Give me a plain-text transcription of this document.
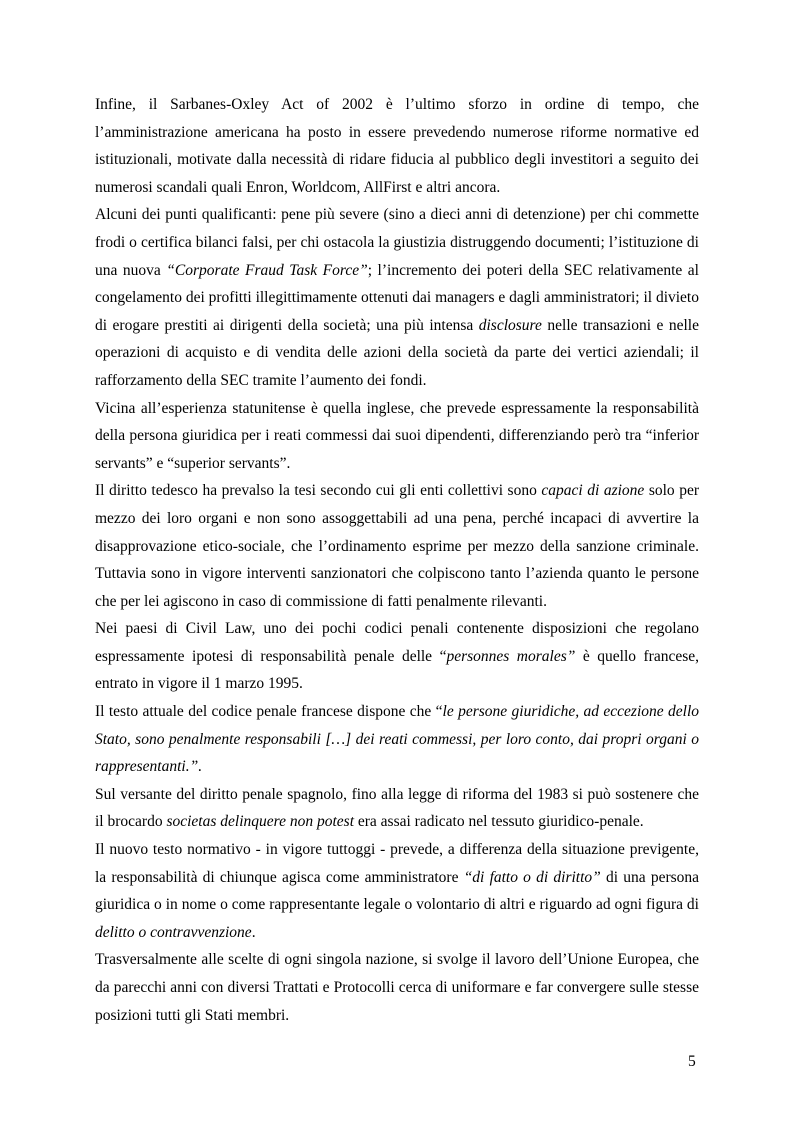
Infine, il Sarbanes-Oxley Act of 2002 è l’ultimo sforzo in ordine di tempo, che l’amministrazione americana ha posto in essere prevedendo numerose riforme normative ed istituzionali, motivate dalla necessità di ridare fiducia al pubblico degli investitori a seguito dei numerosi scandali quali Enron, Worldcom, AllFirst e altri ancora.

Alcuni dei punti qualificanti: pene più severe (sino a dieci anni di detenzione) per chi commette frodi o certifica bilanci falsi, per chi ostacola la giustizia distruggendo documenti; l’istituzione di una nuova “Corporate Fraud Task Force”; l’incremento dei poteri della SEC relativamente al congelamento dei profitti illegittimamente ottenuti dai managers e dagli amministratori; il divieto di erogare prestiti ai dirigenti della società; una più intensa disclosure nelle transazioni e nelle operazioni di acquisto e di vendita delle azioni della società da parte dei vertici aziendali; il rafforzamento della SEC tramite l’aumento dei fondi.

Vicina all’esperienza statunitense è quella inglese, che prevede espressamente la responsabilità della persona giuridica per i reati commessi dai suoi dipendenti, differenziando però tra “inferior servants” e “superior servants”.

Il diritto tedesco ha prevalso la tesi secondo cui gli enti collettivi sono capaci di azione solo per mezzo dei loro organi e non sono assoggettabili ad una pena, perché incapaci di avvertire la disapprovazione etico-sociale, che l’ordinamento esprime per mezzo della sanzione criminale. Tuttavia sono in vigore interventi sanzionatori che colpiscono tanto l’azienda quanto le persone che per lei agiscono in caso di commissione di fatti penalmente rilevanti.

Nei paesi di Civil Law, uno dei pochi codici penali contenente disposizioni che regolano espressamente ipotesi di responsabilità penale delle “personnes morales” è quello francese, entrato in vigore il 1 marzo 1995.

Il testo attuale del codice penale francese dispone che “le persone giuridiche, ad eccezione dello Stato, sono penalmente responsabili […] dei reati commessi, per loro conto, dai propri organi o rappresentanti.”.

Sul versante del diritto penale spagnolo, fino alla legge di riforma del 1983 si può sostenere che il brocardo societas delinquere non potest era assai radicato nel tessuto giuridico-penale.

Il nuovo testo normativo - in vigore tuttoggi - prevede, a differenza della situazione previgente, la responsabilità di chiunque agisca come amministratore “di fatto o di diritto” di una persona giuridica o in nome o come rappresentante legale o volontario di altri e riguardo ad ogni figura di delitto o contravvenzione.

Trasversalmente alle scelte di ogni singola nazione, si svolge il lavoro dell’Unione Europea, che da parecchi anni con diversi Trattati e Protocolli cerca di uniformare e far convergere sulle stesse posizioni tutti gli Stati membri.

5
